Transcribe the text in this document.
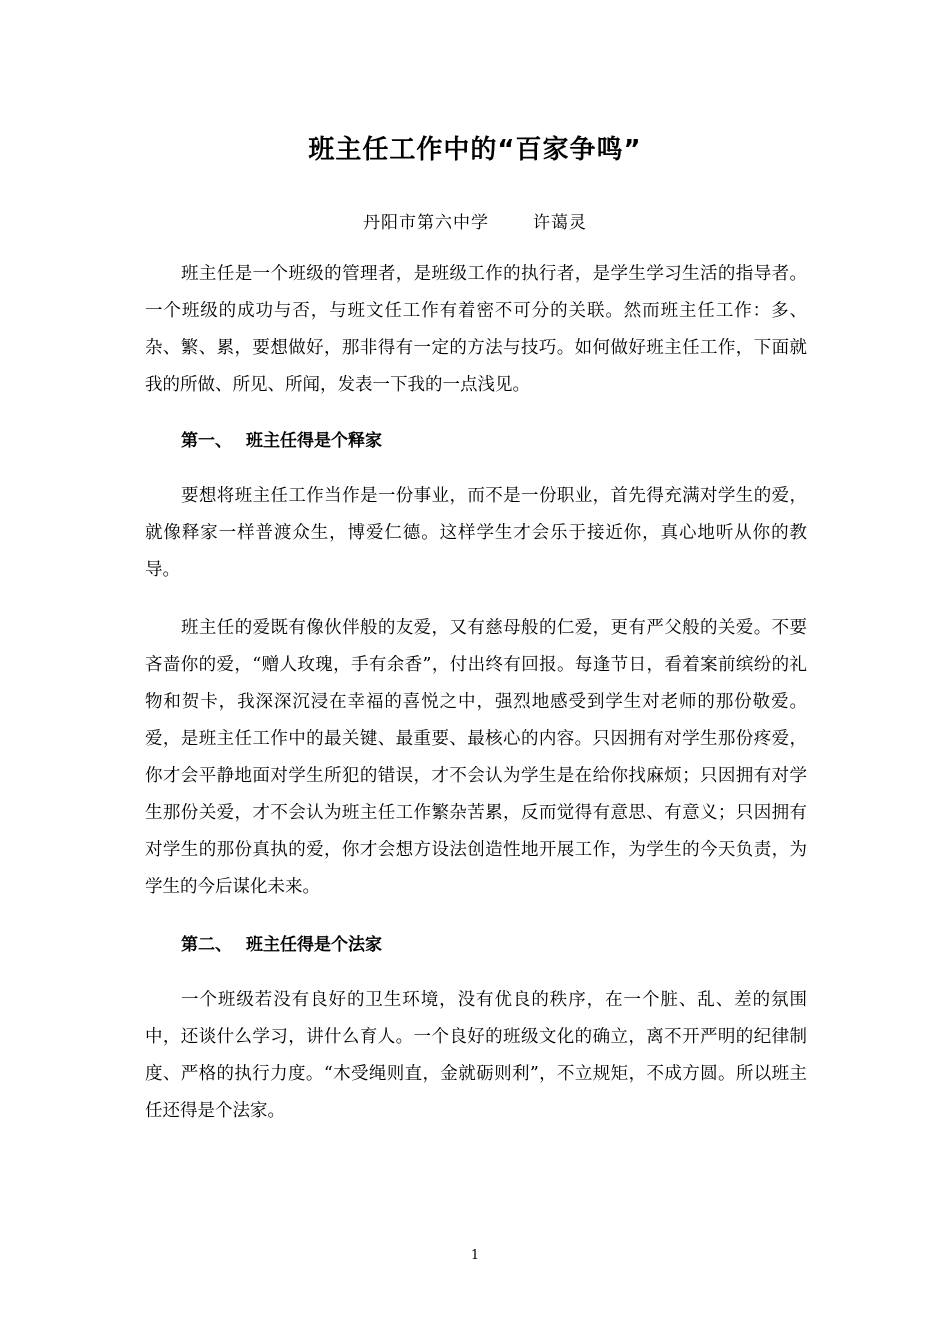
班主任工作中的“百家争鸣”
丹阳市第六中学	许蔼灵

班主任是一个班级的管理者，是班级工作的执行者，是学生学习生活的指导者。一个班级的成功与否，与班文任工作有着密不可分的关联。然而班主任工作：多、杂、繁、累，要想做好，那非得有一定的方法与技巧。如何做好班主任工作，下面就我的所做、所见、所闻，发表一下我的一点浅见。

第一、 班主任得是个释家

要想将班主任工作当作是一份事业，而不是一份职业，首先得充满对学生的爱，就像释家一样普渡众生，博爱仁德。这样学生才会乐于接近你，真心地听从你的教导。

班主任的爱既有像伙伴般的友爱，又有慈母般的仁爱，更有严父般的关爱。不要吝啬你的爱，“赠人玫瑰，手有余香”，付出终有回报。每逢节日，看着案前缤纷的礼物和贺卡，我深深沉浸在幸福的喜悦之中，强烈地感受到学生对老师的那份敬爱。爱，是班主任工作中的最关键、最重要、最核心的内容。只因拥有对学生那份疼爱，你才会平静地面对学生所犯的错误，才不会认为学生是在给你找麻烦；只因拥有对学生那份关爱，才不会认为班主任工作繁杂苦累，反而觉得有意思、有意义；只因拥有对学生的那份真执的爱，你才会想方设法创造性地开展工作，为学生的今天负责，为学生的今后谋化未来。

第二、 班主任得是个法家

一个班级若没有良好的卫生环境，没有优良的秩序，在一个脏、乱、差的氛围中，还谈什么学习，讲什么育人。一个良好的班级文化的确立，离不开严明的纪律制度、严格的执行力度。“木受绳则直，金就砺则利”，不立规矩，不成方圆。所以班主任还得是个法家。

1
